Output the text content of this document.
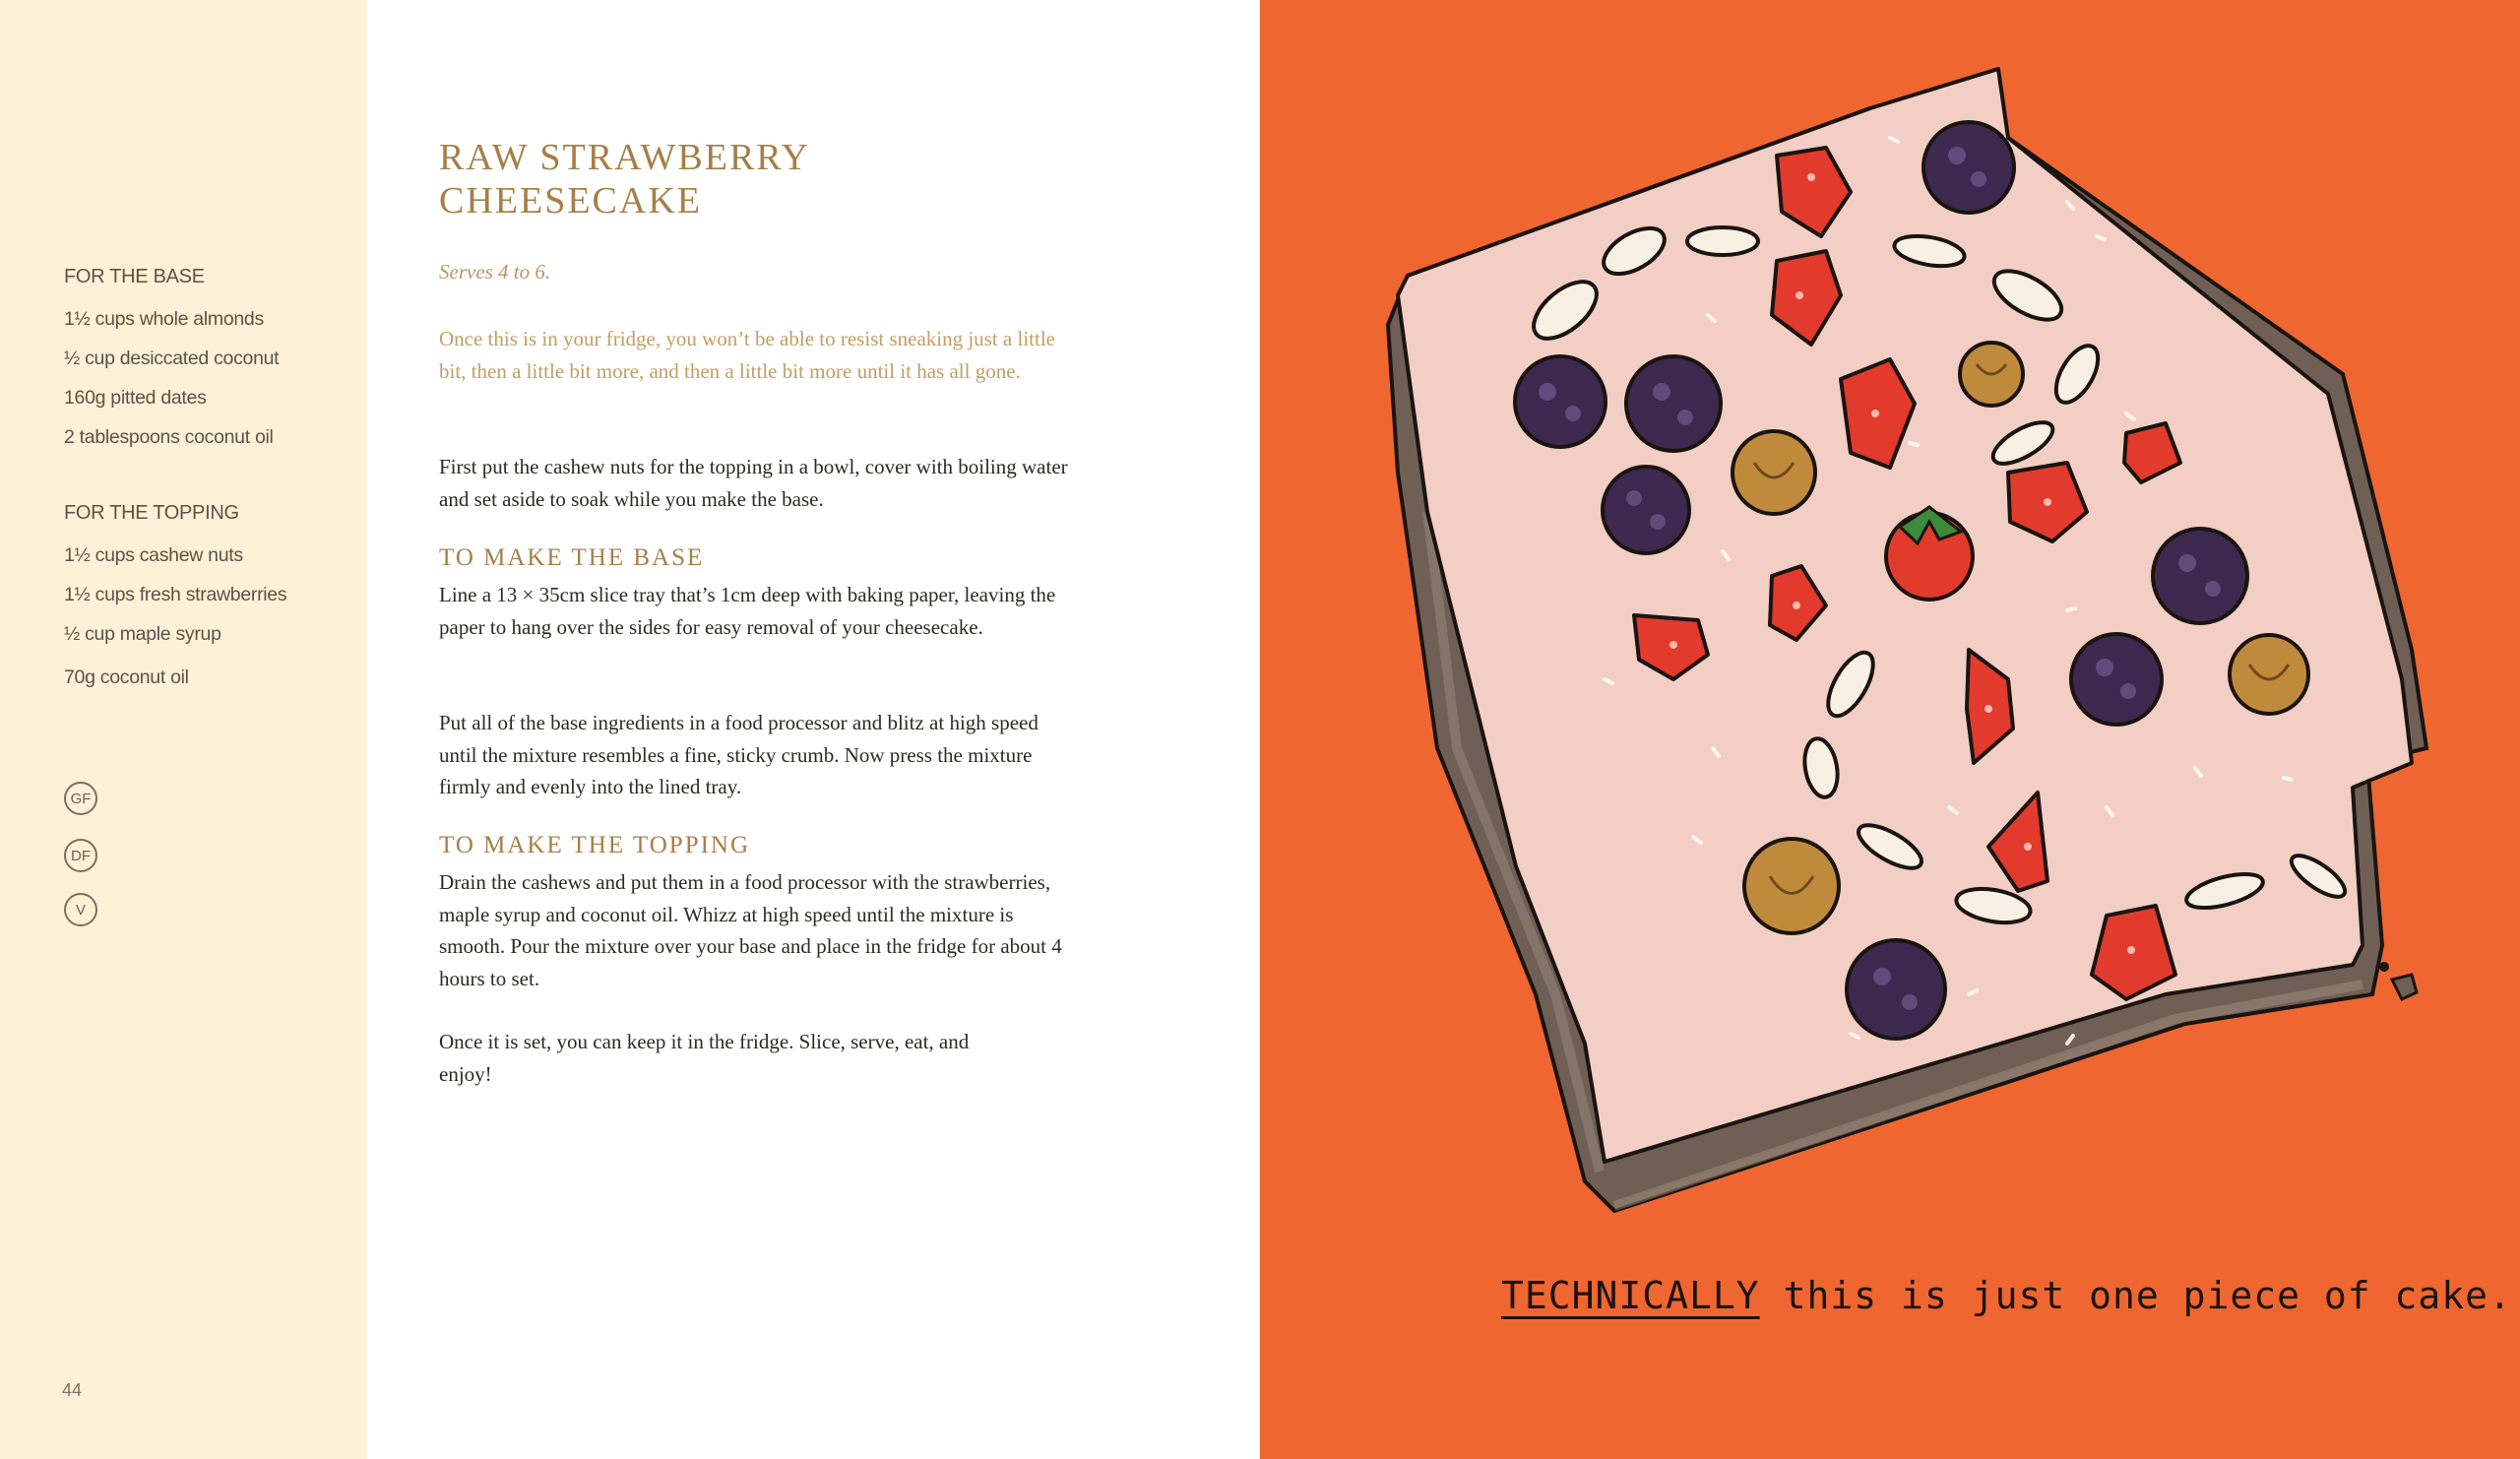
FOR THE BASE
1½ cups whole almonds
½ cup desiccated coconut
160g pitted dates
2 tablespoons coconut oil
FOR THE TOPPING
1½ cups cashew nuts
1½ cups fresh strawberries
½ cup maple syrup
70g coconut oil
GF
DF
V
44
RAW STRAWBERRY CHEESECAKE
Serves 4 to 6.

Once this is in your fridge, you won’t be able to resist sneaking just a little bit, then a little bit more, and then a little bit more until it has all gone.

First put the cashew nuts for the topping in a bowl, cover with boiling water and set aside to soak while you make the base.

TO MAKE THE BASE

Line a 13 × 35cm slice tray that’s 1cm deep with baking paper, leaving the paper to hang over the sides for easy removal of your cheesecake.

Put all of the base ingredients in a food processor and blitz at high speed until the mixture resembles a fine, sticky crumb. Now press the mixture firmly and evenly into the lined tray.

TO MAKE THE TOPPING

Drain the cashews and put them in a food processor with the strawberries, maple syrup and coconut oil. Whizz at high speed until the mixture is smooth. Pour the mixture over your base and place in the fridge for about 4 hours to set.

Once it is set, you can keep it in the fridge. Slice, serve, eat, and enjoy!

TECHNICALLY this is just one piece of cake.
